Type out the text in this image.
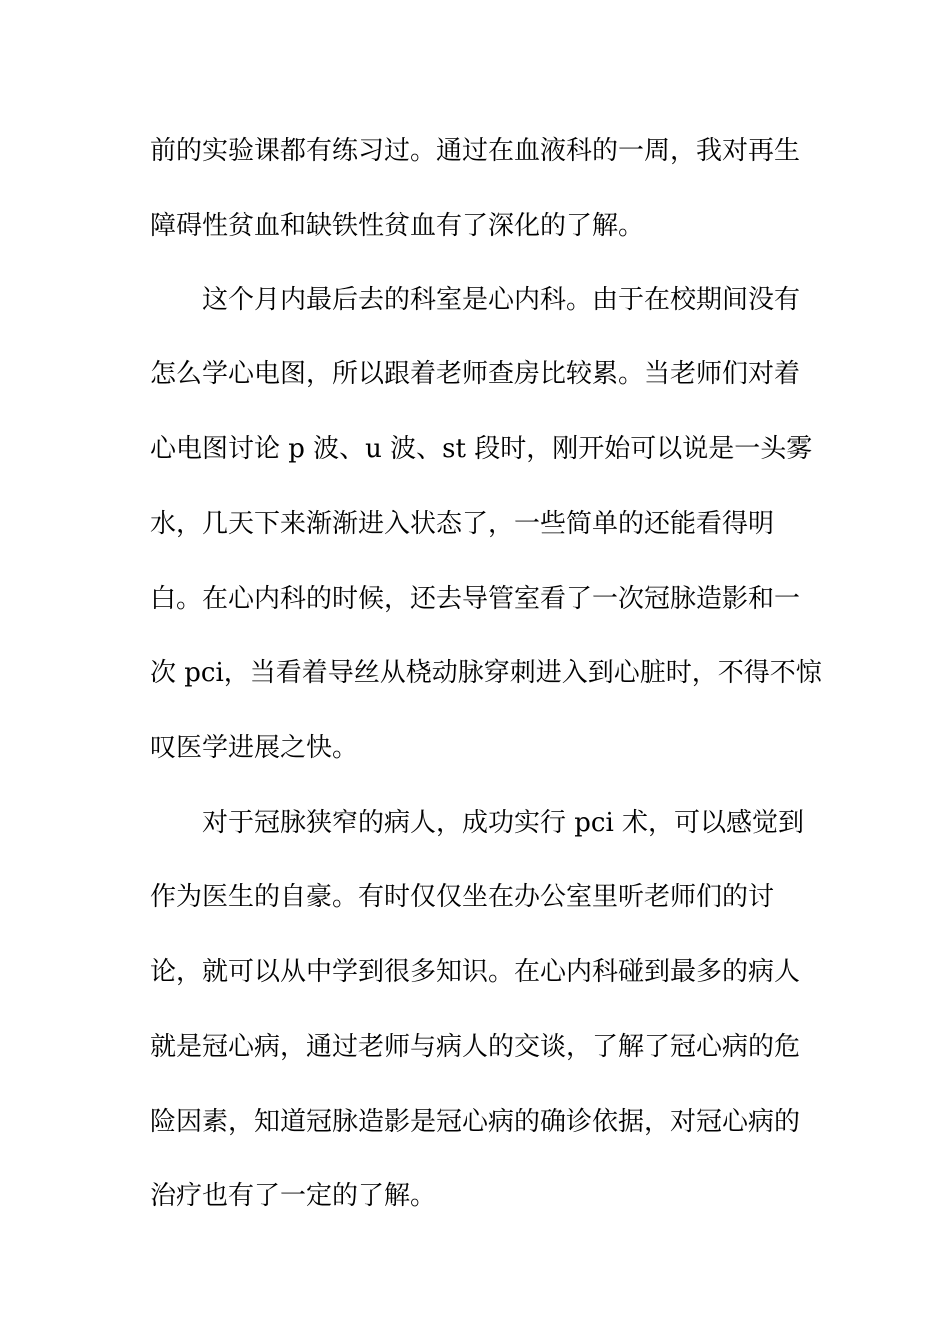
前的实验课都有练习过。通过在血液科的一周，我对再生
障碍性贫血和缺铁性贫血有了深化的了解。
这个月内最后去的科室是心内科。由于在校期间没有
怎么学心电图，所以跟着老师查房比较累。当老师们对着
心电图讨论 p 波、u 波、st 段时，刚开始可以说是一头雾
水，几天下来渐渐进入状态了，一些简单的还能看得明
白。在心内科的时候，还去导管室看了一次冠脉造影和一
次 pci，当看着导丝从桡动脉穿刺进入到心脏时，不得不惊
叹医学进展之快。
对于冠脉狭窄的病人，成功实行 pci 术，可以感觉到
作为医生的自豪。有时仅仅坐在办公室里听老师们的讨
论，就可以从中学到很多知识。在心内科碰到最多的病人
就是冠心病，通过老师与病人的交谈，了解了冠心病的危
险因素，知道冠脉造影是冠心病的确诊依据，对冠心病的
治疗也有了一定的了解。
